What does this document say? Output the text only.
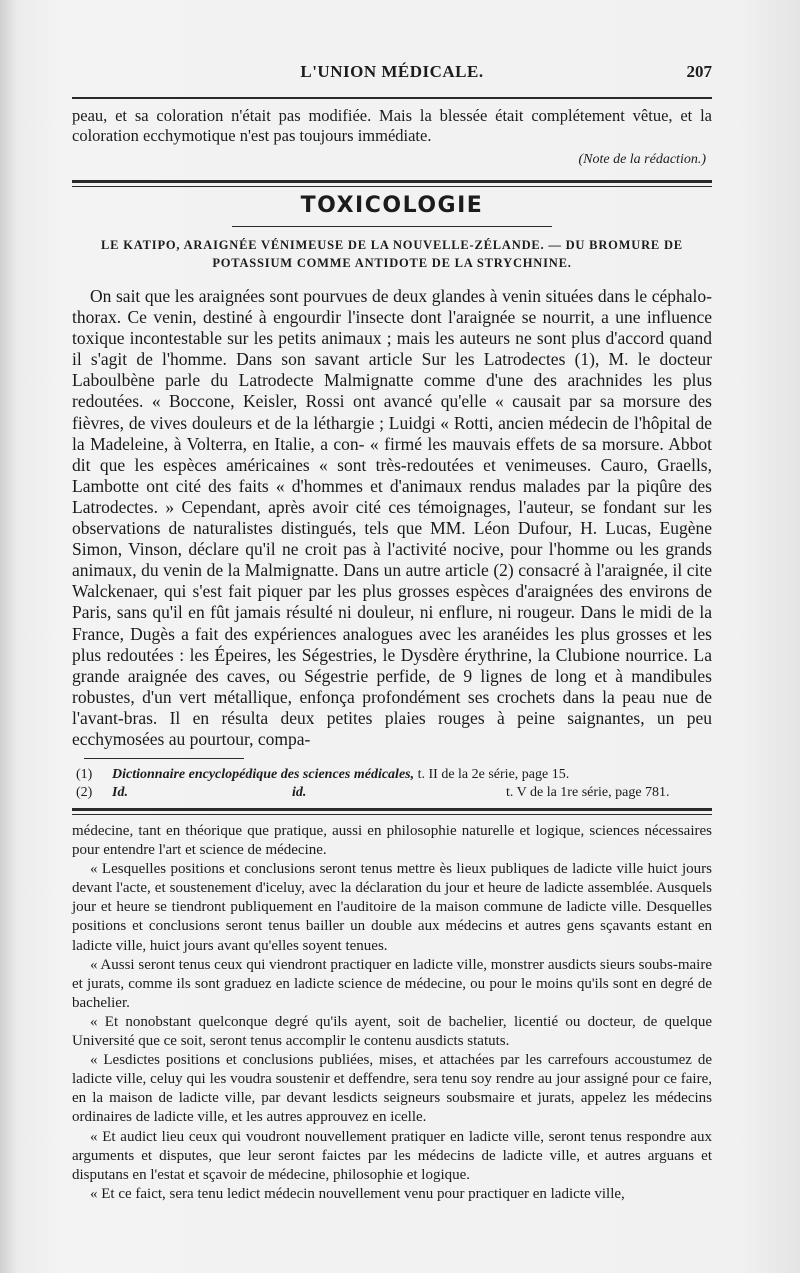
L'UNION MÉDICALE.	207
peau, et sa coloration n'était pas modifiée. Mais la blessée était complétement vêtue, et la coloration ecchymotique n'est pas toujours immédiate.
(Note de la rédaction.)
TOXICOLOGIE
LE KATIPO, ARAIGNÉE VÉNIMEUSE DE LA NOUVELLE-ZÉLANDE. — DU BROMURE DE POTASSIUM COMME ANTIDOTE DE LA STRYCHNINE.

On sait que les araignées sont pourvues de deux glandes à venin situées dans le céphalo-thorax. Ce venin, destiné à engourdir l'insecte dont l'araignée se nourrit, a une influence toxique incontestable sur les petits animaux ; mais les auteurs ne sont plus d'accord quand il s'agit de l'homme. Dans son savant article Sur les Latrodectes (1), M. le docteur Laboulbène parle du Latrodecte Malmignatte comme d'une des arachnides les plus redoutées. « Boccone, Keisler, Rossi ont avancé qu'elle « causait par sa morsure des fièvres, de vives douleurs et de la léthargie ; Luidgi « Rotti, ancien médecin de l'hôpital de la Madeleine, à Volterra, en Italie, a con- « firmé les mauvais effets de sa morsure. Abbot dit que les espèces américaines « sont très-redoutées et venimeuses. Cauro, Graells, Lambotte ont cité des faits « d'hommes et d'animaux rendus malades par la piqûre des Latrodectes. » Cependant, après avoir cité ces témoignages, l'auteur, se fondant sur les observations de naturalistes distingués, tels que MM. Léon Dufour, H. Lucas, Eugène Simon, Vinson, déclare qu'il ne croit pas à l'activité nocive, pour l'homme ou les grands animaux, du venin de la Malmignatte. Dans un autre article (2) consacré à l'araignée, il cite Walckenaer, qui s'est fait piquer par les plus grosses espèces d'araignées des environs de Paris, sans qu'il en fût jamais résulté ni douleur, ni enflure, ni rougeur. Dans le midi de la France, Dugès a fait des expériences analogues avec les aranéides les plus grosses et les plus redoutées : les Épeires, les Ségestries, le Dysdère érythrine, la Clubione nourrice. La grande araignée des caves, ou Ségestrie perfide, de 9 lignes de long et à mandibules robustes, d'un vert métallique, enfonça profondément ses crochets dans la peau nue de l'avant-bras. Il en résulta deux petites plaies rouges à peine saignantes, un peu ecchymosées au pourtour, compa-

(1)	Dictionnaire encyclopédique des sciences médicales, t. II de la 2e série, page 15.
(2)	Id.	id.	t. V de la 1re série, page 781.

médecine, tant en théorique que pratique, aussi en philosophie naturelle et logique, sciences nécessaires pour entendre l'art et science de médecine.

« Lesquelles positions et conclusions seront tenus mettre ès lieux publiques de ladicte ville huict jours devant l'acte, et soustenement d'iceluy, avec la déclaration du jour et heure de ladicte assemblée. Ausquels jour et heure se tiendront publiquement en l'auditoire de la maison commune de ladicte ville. Desquelles positions et conclusions seront tenus bailler un double aux médecins et autres gens sçavants estant en ladicte ville, huict jours avant qu'elles soyent tenues.

« Aussi seront tenus ceux qui viendront practiquer en ladicte ville, monstrer ausdicts sieurs soubs-maire et jurats, comme ils sont graduez en ladicte science de médecine, ou pour le moins qu'ils sont en degré de bachelier.

« Et nonobstant quelconque degré qu'ils ayent, soit de bachelier, licentié ou docteur, de quelque Université que ce soit, seront tenus accomplir le contenu ausdicts statuts.

« Lesdictes positions et conclusions publiées, mises, et attachées par les carrefours accoustumez de ladicte ville, celuy qui les voudra soustenir et deffendre, sera tenu soy rendre au jour assigné pour ce faire, en la maison de ladicte ville, par devant lesdicts seigneurs soubsmaire et jurats, appelez les médecins ordinaires de ladicte ville, et les autres approuvez en icelle.

« Et audict lieu ceux qui voudront nouvellement pratiquer en ladicte ville, seront tenus respondre aux arguments et disputes, que leur seront faictes par les médecins de ladicte ville, et autres arguans et disputans en l'estat et sçavoir de médecine, philosophie et logique.

« Et ce faict, sera tenu ledict médecin nouvellement venu pour practiquer en ladicte ville,
